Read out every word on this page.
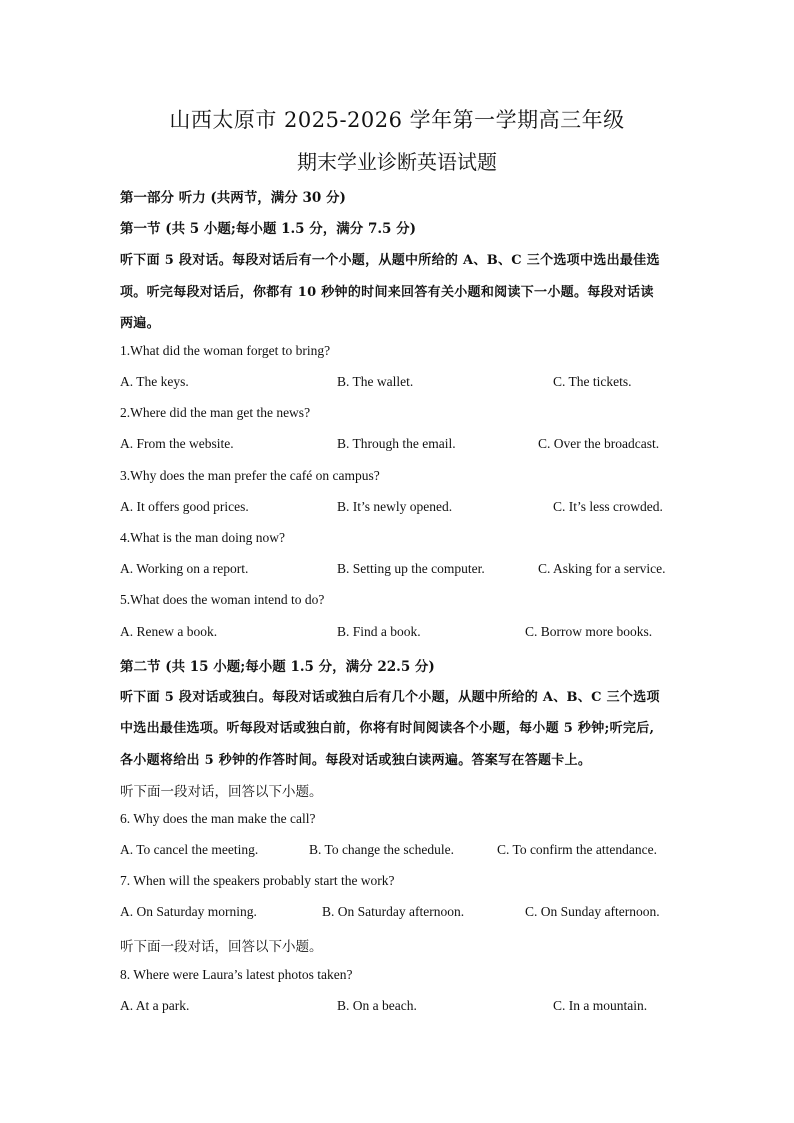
山西太原市 2025-2026 学年第一学期高三年级
期末学业诊断英语试题
第一部分 听力 (共两节，满分 30 分)
第一节 (共 5 小题;每小题 1.5 分，满分 7.5 分)
听下面 5 段对话。每段对话后有一个小题，从题中所给的 A、B、C 三个选项中选出最佳选
项。听完每段对话后，你都有 10 秒钟的时间来回答有关小题和阅读下一小题。每段对话读
两遍。
1.What did the woman forget to bring?
A. The keys.	B. The wallet.	C. The tickets.
2.Where did the man get the news?
A. From the website.	B. Through the email.	C. Over the broadcast.
3.Why does the man prefer the café on campus?
A. It offers good prices.	B. It’s newly opened.	C. It’s less crowded.
4.What is the man doing now?
A. Working on a report.	B. Setting up the computer.	C. Asking for a service.
5.What does the woman intend to do?
A. Renew a book.	B. Find a book.	C. Borrow more books.
第二节 (共 15 小题;每小题 1.5 分，满分 22.5 分)
听下面 5 段对话或独白。每段对话或独白后有几个小题，从题中所给的 A、B、C 三个选项
中选出最佳选项。听每段对话或独白前，你将有时间阅读各个小题，每小题 5 秒钟;听完后,
各小题将给出 5 秒钟的作答时间。每段对话或独白读两遍。答案写在答题卡上。
听下面一段对话，回答以下小题。
6. Why does the man make the call?
A. To cancel the meeting.	B. To change the schedule.	C. To confirm the attendance.
7. When will the speakers probably start the work?
A. On Saturday morning.	B. On Saturday afternoon.	C. On Sunday afternoon.
听下面一段对话，回答以下小题。
8. Where were Laura’s latest photos taken?
A. At a park.	B. On a beach.	C. In a mountain.
